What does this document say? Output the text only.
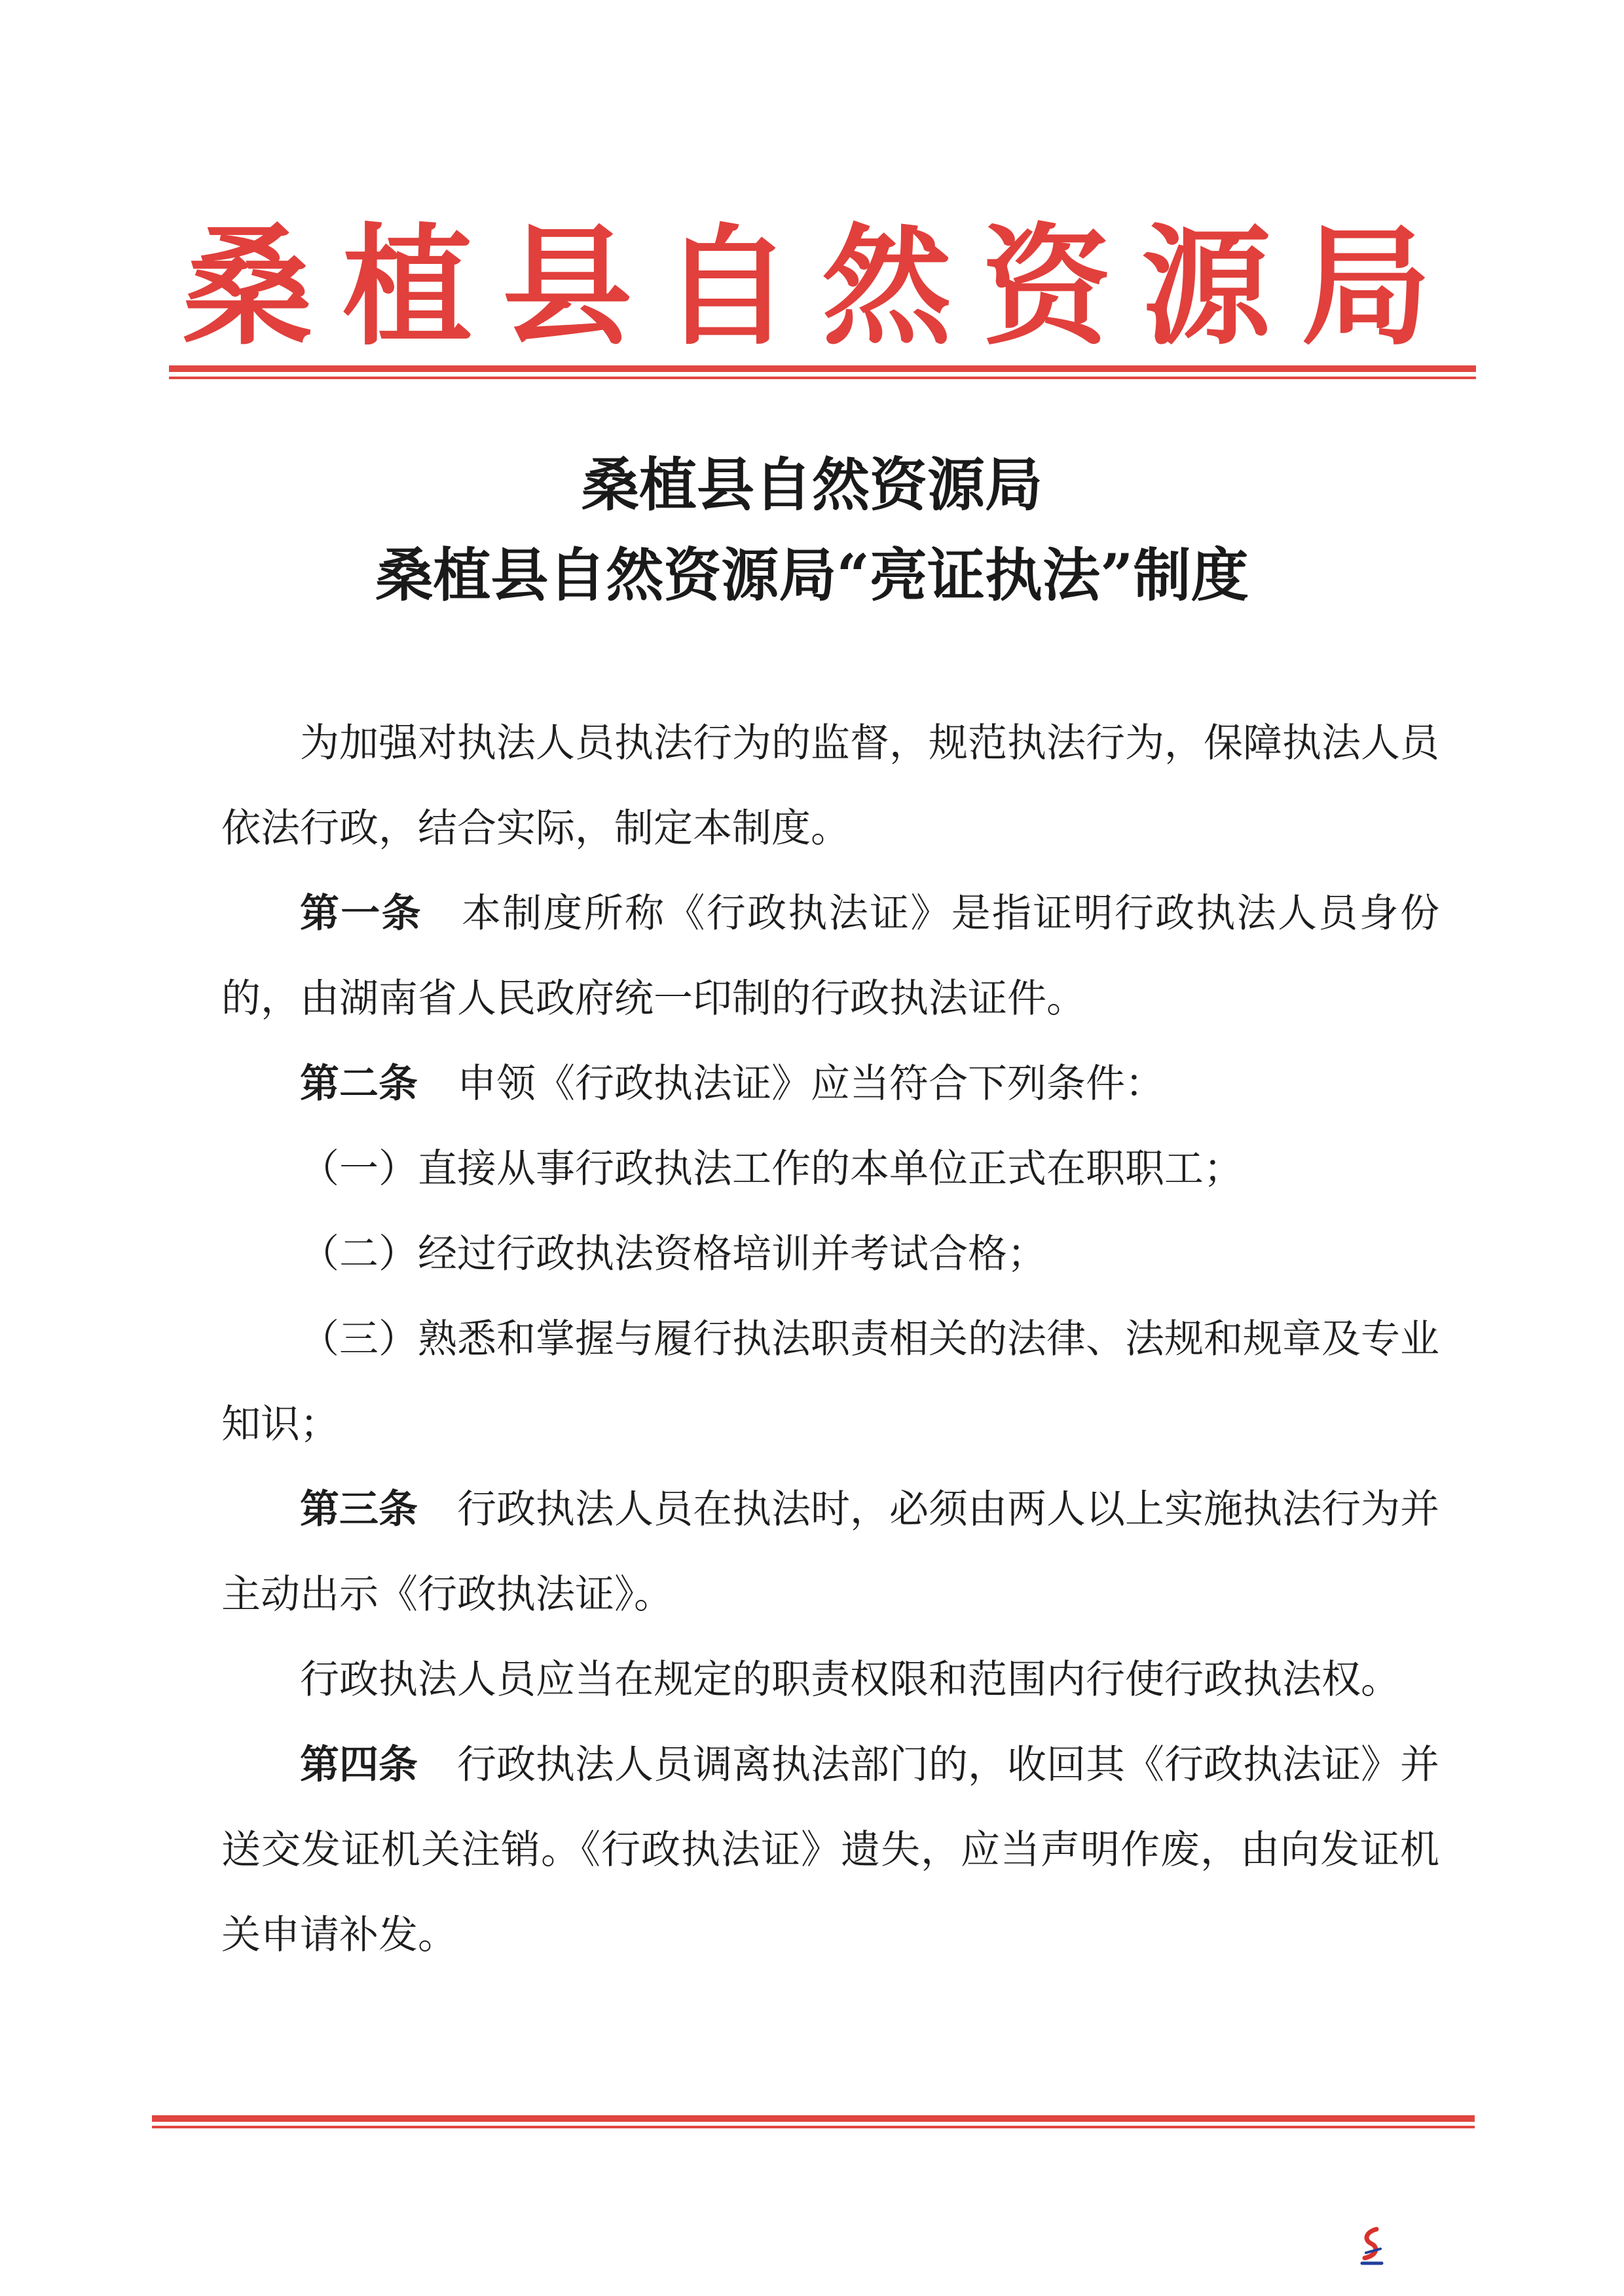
桑植县自然资源局
桑植县自然资源局
桑植县自然资源局“亮证执法”制度

为加强对执法人员执法行为的监督，规范执法行为，保障执法人员依法行政，结合实际，制定本制度。

第一条 本制度所称《行政执法证》是指证明行政执法人员身份的，由湖南省人民政府统一印制的行政执法证件。

第二条 申领《行政执法证》应当符合下列条件：

（一）直接从事行政执法工作的本单位正式在职职工；

（二）经过行政执法资格培训并考试合格；

（三）熟悉和掌握与履行执法职责相关的法律、法规和规章及专业知识；

第三条 行政执法人员在执法时，必须由两人以上实施执法行为并主动出示《行政执法证》。

行政执法人员应当在规定的职责权限和范围内行使行政执法权。

第四条 行政执法人员调离执法部门的，收回其《行政执法证》并送交发证机关注销。《行政执法证》遗失，应当声明作废，由向发证机关申请补发。
